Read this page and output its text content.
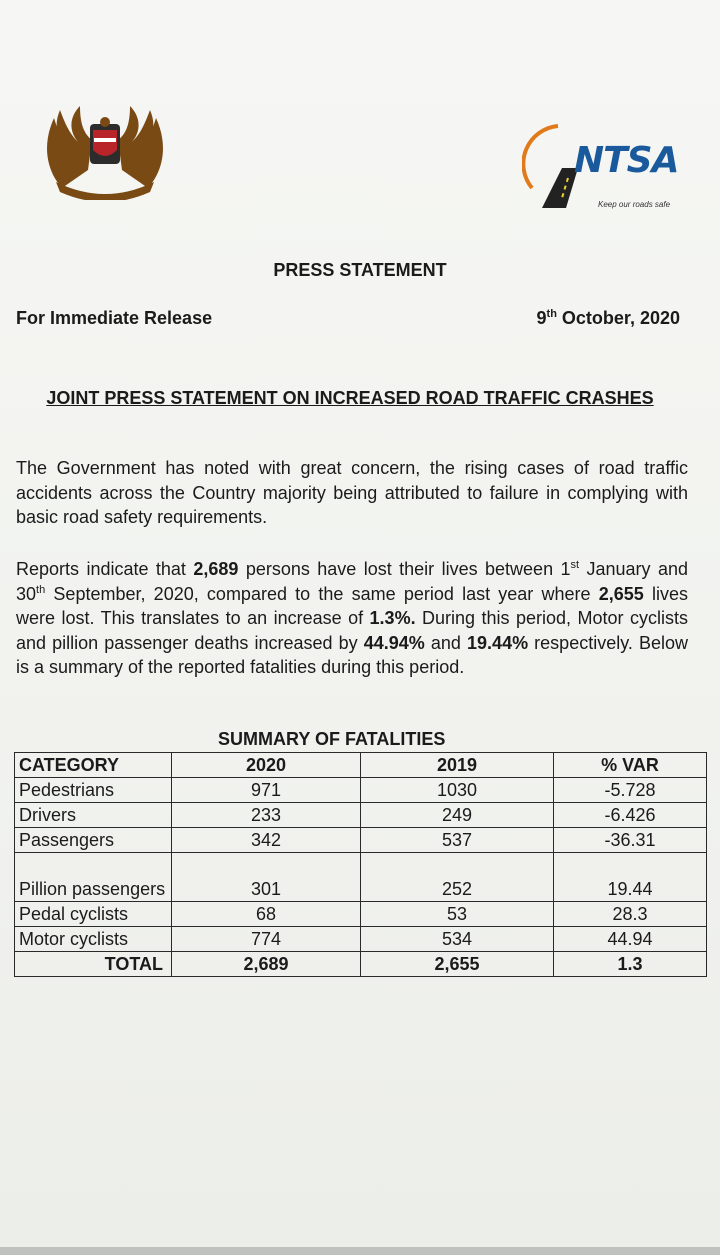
NTSA
Keep our roads safe
PRESS STATEMENT
For Immediate Release	9th October, 2020
JOINT PRESS STATEMENT ON INCREASED ROAD TRAFFIC CRASHES
The Government has noted with great concern, the rising cases of road traffic accidents across the Country majority being attributed to failure in complying with basic road safety requirements.
Reports indicate that 2,689 persons have lost their lives between 1st January and 30th September, 2020, compared to the same period last year where 2,655 lives were lost. This translates to an increase of 1.3%. During this period, Motor cyclists and pillion passenger deaths increased by 44.94% and 19.44% respectively. Below is a summary of the reported fatalities during this period.
SUMMARY OF FATALITIES
CATEGORY	2020	2019	% VAR
Pedestrians	971	1030	-5.728
Drivers	233	249	-6.426
Passengers	342	537	-36.31
Pillion passengers	301	252	19.44
Pedal cyclists	68	53	28.3
Motor cyclists	774	534	44.94
TOTAL	2,689	2,655	1.3
